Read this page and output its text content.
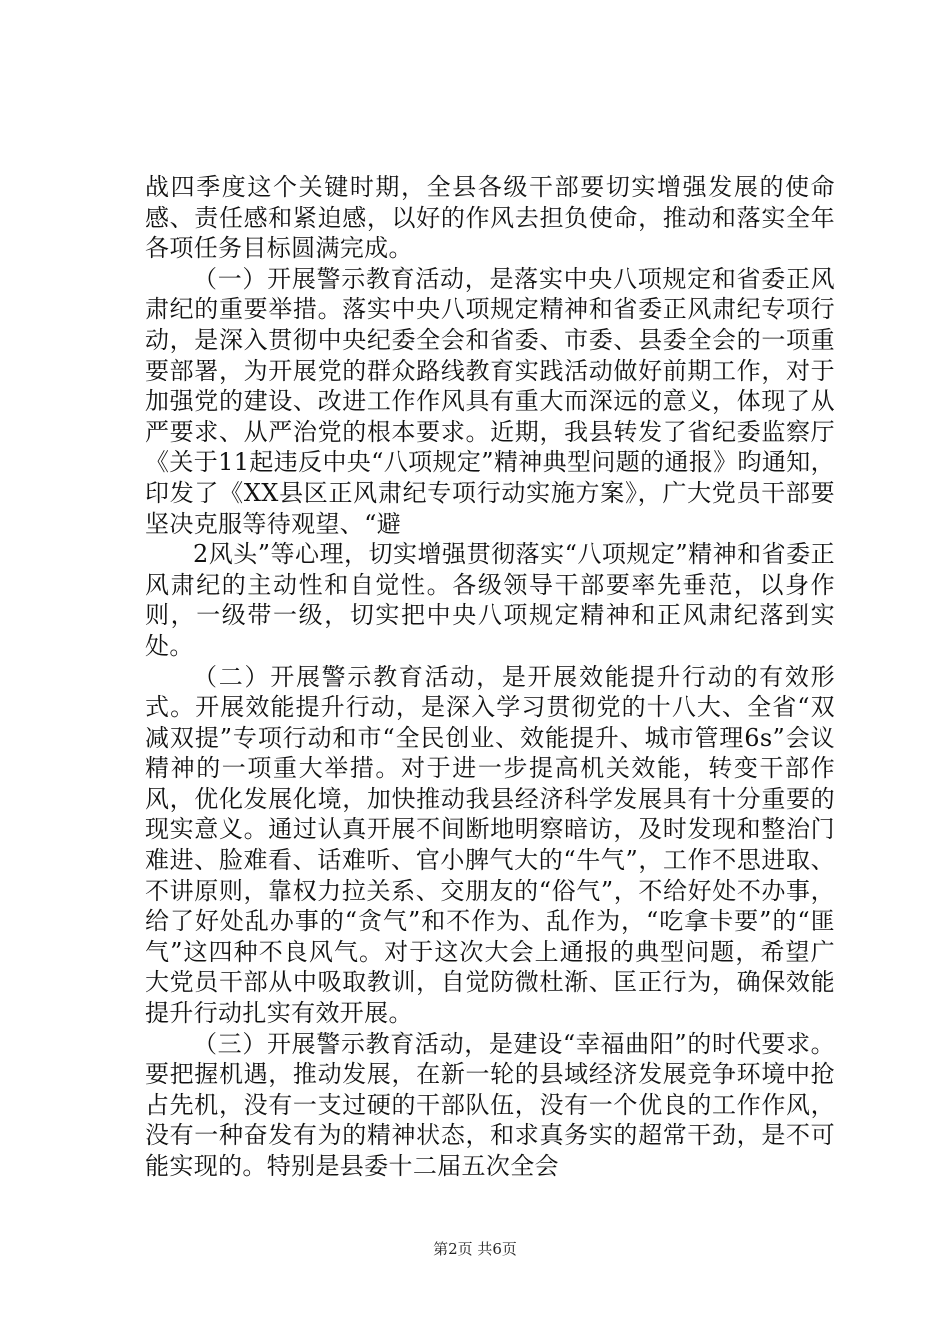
战四季度这个关键时期，全县各级干部要切实增强发展的使命感、责任感和紧迫感，以好的作风去担负使命，推动和落实全年各项任务目标圆满完成。

（一）开展警示教育活动，是落实中央八项规定和省委正风肃纪的重要举措。落实中央八项规定精神和省委正风肃纪专项行动，是深入贯彻中央纪委全会和省委、市委、县委全会的一项重要部署，为开展党的群众路线教育实践活动做好前期工作，对于加强党的建设、改进工作作风具有重大而深远的意义，体现了从严要求、从严治党的根本要求。近期，我县转发了省纪委监察厅《关于11起违反中央“八项规定”精神典型问题的通报》昀通知，印发了《XX县区正风肃纪专项行动实施方案》，广大党员干部要坚决克服等待观望、“避

2风头”等心理，切实增强贯彻落实“八项规定”精神和省委正风肃纪的主动性和自觉性。各级领导干部要率先垂范，以身作则，一级带一级，切实把中央八项规定精神和正风肃纪落到实处。

（二）开展警示教育活动，是开展效能提升行动的有效形式。开展效能提升行动，是深入学习贯彻党的十八大、全省“双减双提”专项行动和市“全民创业、效能提升、城市管理6s”会议精神的一项重大举措。对于进一步提高机关效能，转变干部作风，优化发展化境，加快推动我县经济科学发展具有十分重要的现实意义。通过认真开展不间断地明察暗访，及时发现和整治门难进、脸难看、话难听、官小脾气大的“牛气”，工作不思进取、不讲原则，靠权力拉关系、交朋友的“俗气”，不给好处不办事，给了好处乱办事的“贪气”和不作为、乱作为，“吃拿卡要”的“匪气”这四种不良风气。对于这次大会上通报的典型问题，希望广大党员干部从中吸取教训，自觉防微杜渐、匡正行为，确保效能提升行动扎实有效开展。

（三）开展警示教育活动，是建设“幸福曲阳”的时代要求。要把握机遇，推动发展，在新一轮的县域经济发展竞争环境中抢占先机，没有一支过硬的干部队伍，没有一个优良的工作作风，没有一种奋发有为的精神状态，和求真务实的超常干劲，是不可能实现的。特别是县委十二届五次全会

第2页 共6页
